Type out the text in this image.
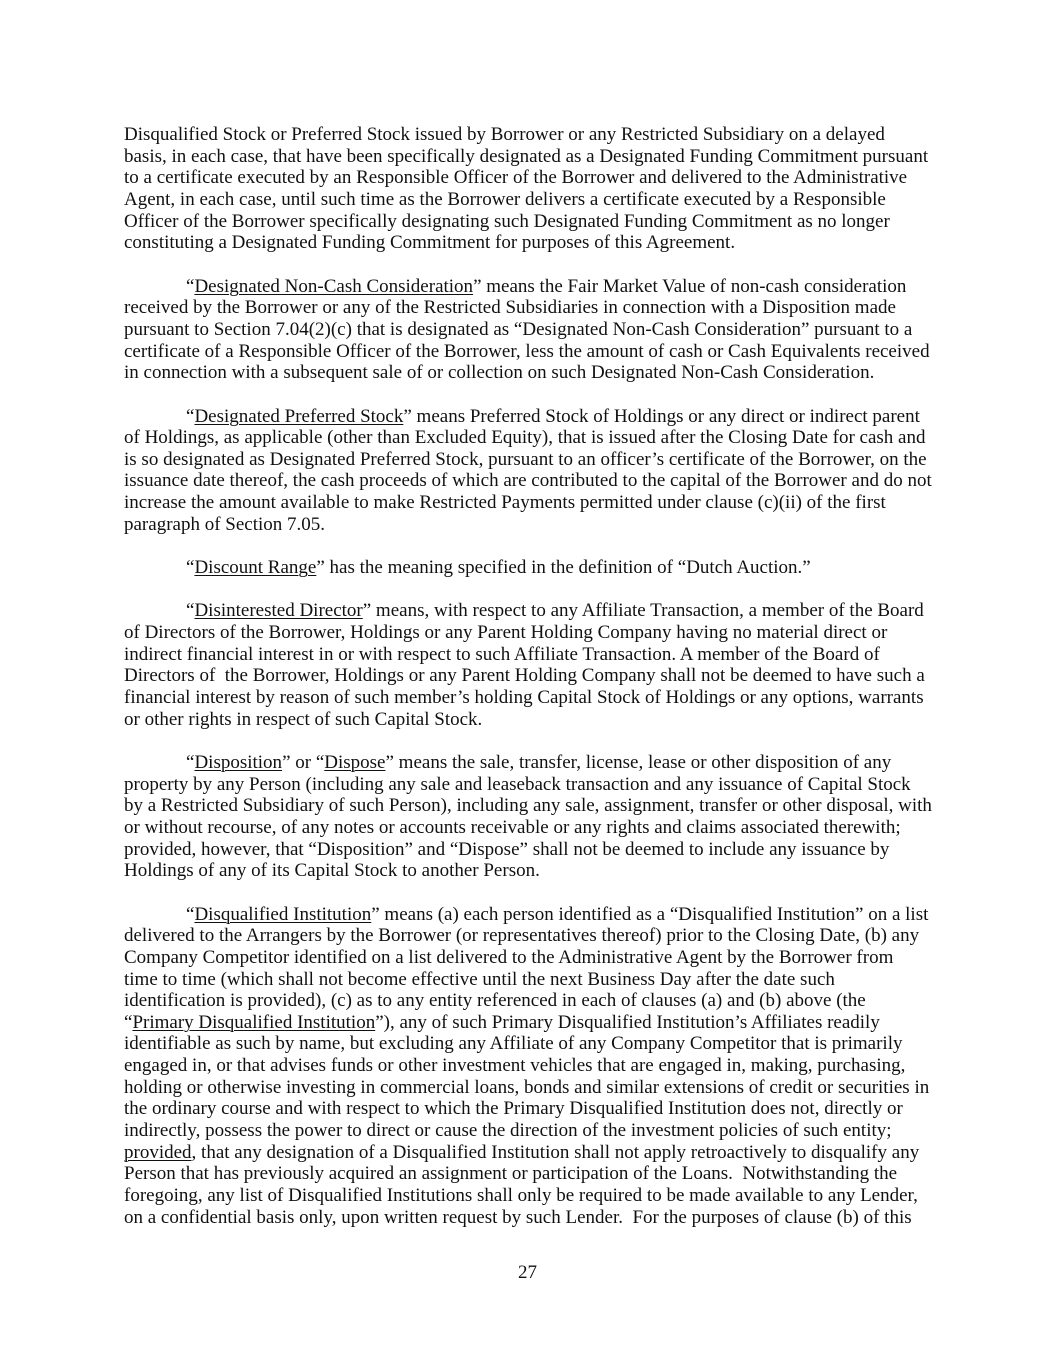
Disqualified Stock or Preferred Stock issued by Borrower or any Restricted Subsidiary on a delayed
basis, in each case, that have been specifically designated as a Designated Funding Commitment pursuant
to a certificate executed by an Responsible Officer of the Borrower and delivered to the Administrative
Agent, in each case, until such time as the Borrower delivers a certificate executed by a Responsible
Officer of the Borrower specifically designating such Designated Funding Commitment as no longer
constituting a Designated Funding Commitment for purposes of this Agreement.

“Designated Non-Cash Consideration” means the Fair Market Value of non-cash consideration
received by the Borrower or any of the Restricted Subsidiaries in connection with a Disposition made
pursuant to Section 7.04(2)(c) that is designated as “Designated Non-Cash Consideration” pursuant to a
certificate of a Responsible Officer of the Borrower, less the amount of cash or Cash Equivalents received
in connection with a subsequent sale of or collection on such Designated Non-Cash Consideration.

“Designated Preferred Stock” means Preferred Stock of Holdings or any direct or indirect parent
of Holdings, as applicable (other than Excluded Equity), that is issued after the Closing Date for cash and
is so designated as Designated Preferred Stock, pursuant to an officer’s certificate of the Borrower, on the
issuance date thereof, the cash proceeds of which are contributed to the capital of the Borrower and do not
increase the amount available to make Restricted Payments permitted under clause (c)(ii) of the first
paragraph of Section 7.05.

“Discount Range” has the meaning specified in the definition of “Dutch Auction.”

“Disinterested Director” means, with respect to any Affiliate Transaction, a member of the Board
of Directors of the Borrower, Holdings or any Parent Holding Company having no material direct or
indirect financial interest in or with respect to such Affiliate Transaction. A member of the Board of
Directors of  the Borrower, Holdings or any Parent Holding Company shall not be deemed to have such a
financial interest by reason of such member’s holding Capital Stock of Holdings or any options, warrants
or other rights in respect of such Capital Stock.

“Disposition” or “Dispose” means the sale, transfer, license, lease or other disposition of any
property by any Person (including any sale and leaseback transaction and any issuance of Capital Stock
by a Restricted Subsidiary of such Person), including any sale, assignment, transfer or other disposal, with
or without recourse, of any notes or accounts receivable or any rights and claims associated therewith;
provided, however, that “Disposition” and “Dispose” shall not be deemed to include any issuance by
Holdings of any of its Capital Stock to another Person.

“Disqualified Institution” means (a) each person identified as a “Disqualified Institution” on a list
delivered to the Arrangers by the Borrower (or representatives thereof) prior to the Closing Date, (b) any
Company Competitor identified on a list delivered to the Administrative Agent by the Borrower from
time to time (which shall not become effective until the next Business Day after the date such
identification is provided), (c) as to any entity referenced in each of clauses (a) and (b) above (the
“Primary Disqualified Institution”), any of such Primary Disqualified Institution’s Affiliates readily
identifiable as such by name, but excluding any Affiliate of any Company Competitor that is primarily
engaged in, or that advises funds or other investment vehicles that are engaged in, making, purchasing,
holding or otherwise investing in commercial loans, bonds and similar extensions of credit or securities in
the ordinary course and with respect to which the Primary Disqualified Institution does not, directly or
indirectly, possess the power to direct or cause the direction of the investment policies of such entity;
provided, that any designation of a Disqualified Institution shall not apply retroactively to disqualify any
Person that has previously acquired an assignment or participation of the Loans.  Notwithstanding the
foregoing, any list of Disqualified Institutions shall only be required to be made available to any Lender,
on a confidential basis only, upon written request by such Lender.  For the purposes of clause (b) of this

27
